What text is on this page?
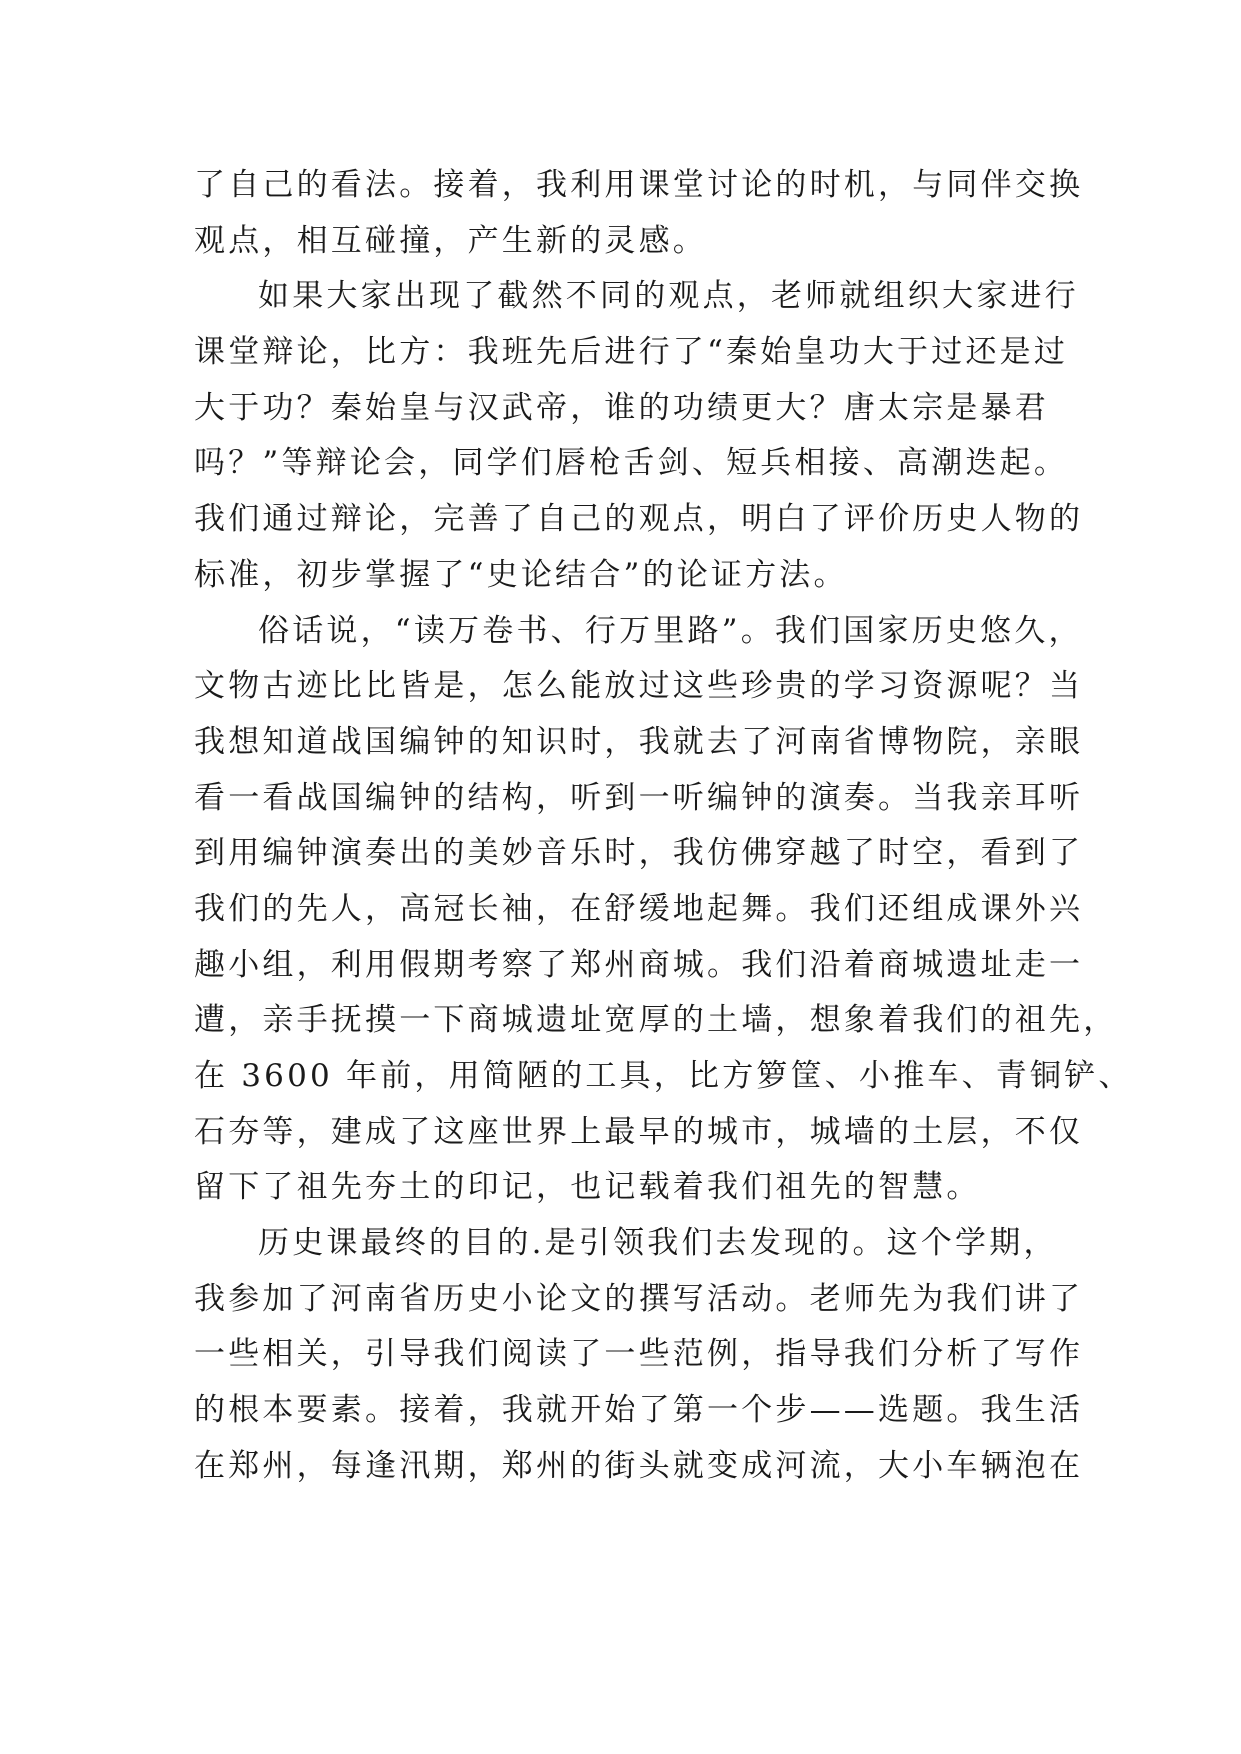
了自己的看法。接着，我利用课堂讨论的时机，与同伴交换
观点，相互碰撞，产生新的灵感。
如果大家出现了截然不同的观点，老师就组织大家进行
课堂辩论，比方：我班先后进行了“秦始皇功大于过还是过
大于功？秦始皇与汉武帝，谁的功绩更大？唐太宗是暴君
吗？”等辩论会，同学们唇枪舌剑、短兵相接、高潮迭起。
我们通过辩论，完善了自己的观点，明白了评价历史人物的
标准，初步掌握了“史论结合”的论证方法。
俗话说，“读万卷书、行万里路”。我们国家历史悠久，
文物古迹比比皆是，怎么能放过这些珍贵的学习资源呢？当
我想知道战国编钟的知识时，我就去了河南省博物院，亲眼
看一看战国编钟的结构，听到一听编钟的演奏。当我亲耳听
到用编钟演奏出的美妙音乐时，我仿佛穿越了时空，看到了
我们的先人，高冠长袖，在舒缓地起舞。我们还组成课外兴
趣小组，利用假期考察了郑州商城。我们沿着商城遗址走一
遭，亲手抚摸一下商城遗址宽厚的土墙，想象着我们的祖先，
在 3600 年前，用简陋的工具，比方箩筐、小推车、青铜铲、
石夯等，建成了这座世界上最早的城市，城墙的土层，不仅
留下了祖先夯土的印记，也记载着我们祖先的智慧。
历史课最终的目的.是引领我们去发现的。这个学期，
我参加了河南省历史小论文的撰写活动。老师先为我们讲了
一些相关，引导我们阅读了一些范例，指导我们分析了写作
的根本要素。接着，我就开始了第一个步——选题。我生活
在郑州，每逢汛期，郑州的街头就变成河流，大小车辆泡在
